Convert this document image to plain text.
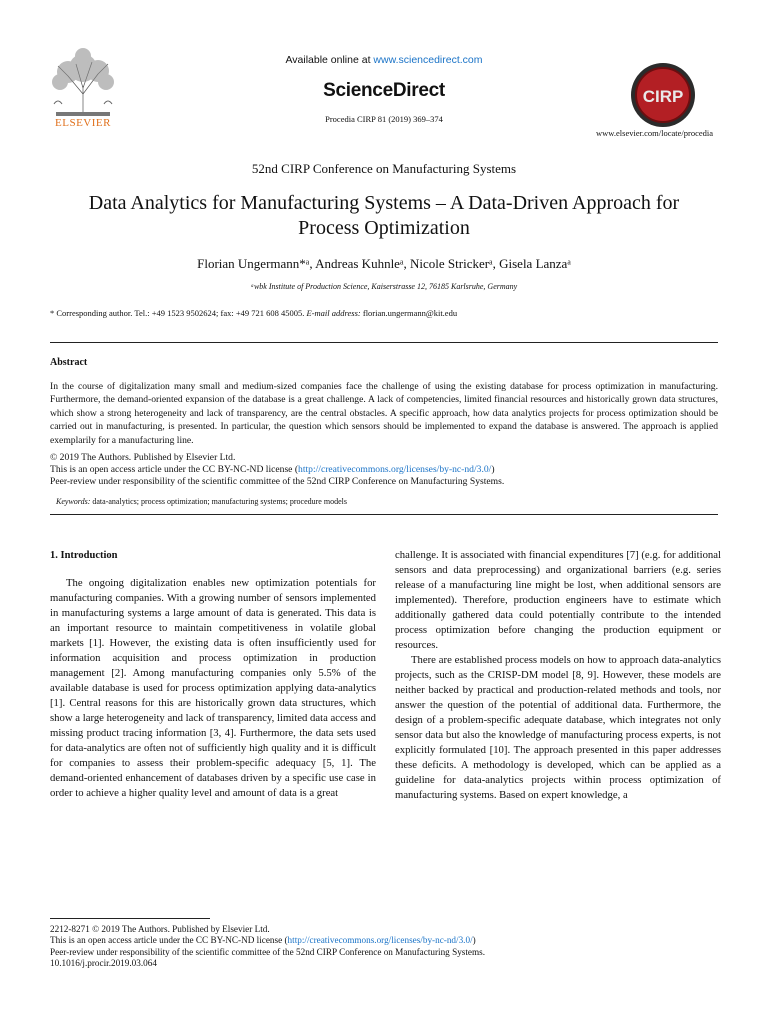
ELSEVIER
Available online at www.sciencedirect.com
ScienceDirect
Procedia CIRP 81 (2019) 369–374
www.elsevier.com/locate/procedia
CIRP
52nd CIRP Conference on Manufacturing Systems
Data Analytics for Manufacturing Systems – A Data-Driven Approach for
Process Optimization
Florian Ungermann*ᵃ, Andreas Kuhnleᵃ, Nicole Strickerᵃ, Gisela Lanzaᵃ
ᵃwbk Institute of Production Science, Kaiserstrasse 12, 76185 Karlsruhe, Germany
* Corresponding author. Tel.: +49 1523 9502624; fax: +49 721 608 45005. E-mail address: florian.ungermann@kit.edu
Abstract
In the course of digitalization many small and medium-sized companies face the challenge of using the existing database for process optimization in manufacturing. Furthermore, the demand-oriented expansion of the database is a great challenge. A lack of competencies, limited financial resources and historically grown data structures, which show a strong heterogeneity and lack of transparency, are the central obstacles. A specific approach, how data analytics projects for process optimization should be carried out in manufacturing, is presented. In particular, the question which sensors should be implemented to expand the database is answered. The approach is applied exemplarily for a manufacturing line.
© 2019 The Authors. Published by Elsevier Ltd.
This is an open access article under the CC BY-NC-ND license (http://creativecommons.org/licenses/by-nc-nd/3.0/)
Peer-review under responsibility of the scientific committee of the 52nd CIRP Conference on Manufacturing Systems.
Keywords: data-analytics; process optimization; manufacturing systems; procedure models
1. Introduction

The ongoing digitalization enables new optimization potentials for manufacturing companies. With a growing number of sensors implemented in manufacturing systems a large amount of data is generated. This data is an important resource to maintain competitiveness in volatile global markets [1]. However, the existing data is often insufficiently used for information acquisition and process optimization in production management [2]. Among manufacturing companies only 5.5% of the available database is used for process optimization applying data-analytics [1]. Central reasons for this are historically grown data structures, which show a large heterogeneity and lack of transparency, limited data access and missing product tracing information [3, 4]. Furthermore, the data sets used for data-analytics are often not of sufficiently high quality and it is difficult for companies to assess their problem-specific adequacy [5, 1]. The demand-oriented enhancement of databases driven by a specific use case in order to achieve a higher quality level and amount of data is a great

challenge. It is associated with financial expenditures [7] (e.g. for additional sensors and data preprocessing) and organizational barriers (e.g. series release of a manufacturing line might be lost, when additional sensors are implemented). Therefore, production engineers have to estimate which additionally gathered data could potentially contribute to the intended process optimization before changing the production equipment or resources.

There are established process models on how to approach data-analytics projects, such as the CRISP-DM model [8, 9]. However, these models are neither backed by practical and production-related methods and tools, nor answer the question of the potential of additional data. Furthermore, the design of a problem-specific adequate database, which integrates not only sensor data but also the knowledge of manufacturing process experts, is not explicitly formulated [10]. The approach presented in this paper addresses these deficits. A methodology is developed, which can be applied as a guideline for data-analytics projects within process optimization of manufacturing systems. Based on expert knowledge, a

2212-8271 © 2019 The Authors. Published by Elsevier Ltd.
This is an open access article under the CC BY-NC-ND license (http://creativecommons.org/licenses/by-nc-nd/3.0/)
Peer-review under responsibility of the scientific committee of the 52nd CIRP Conference on Manufacturing Systems.
10.1016/j.procir.2019.03.064
